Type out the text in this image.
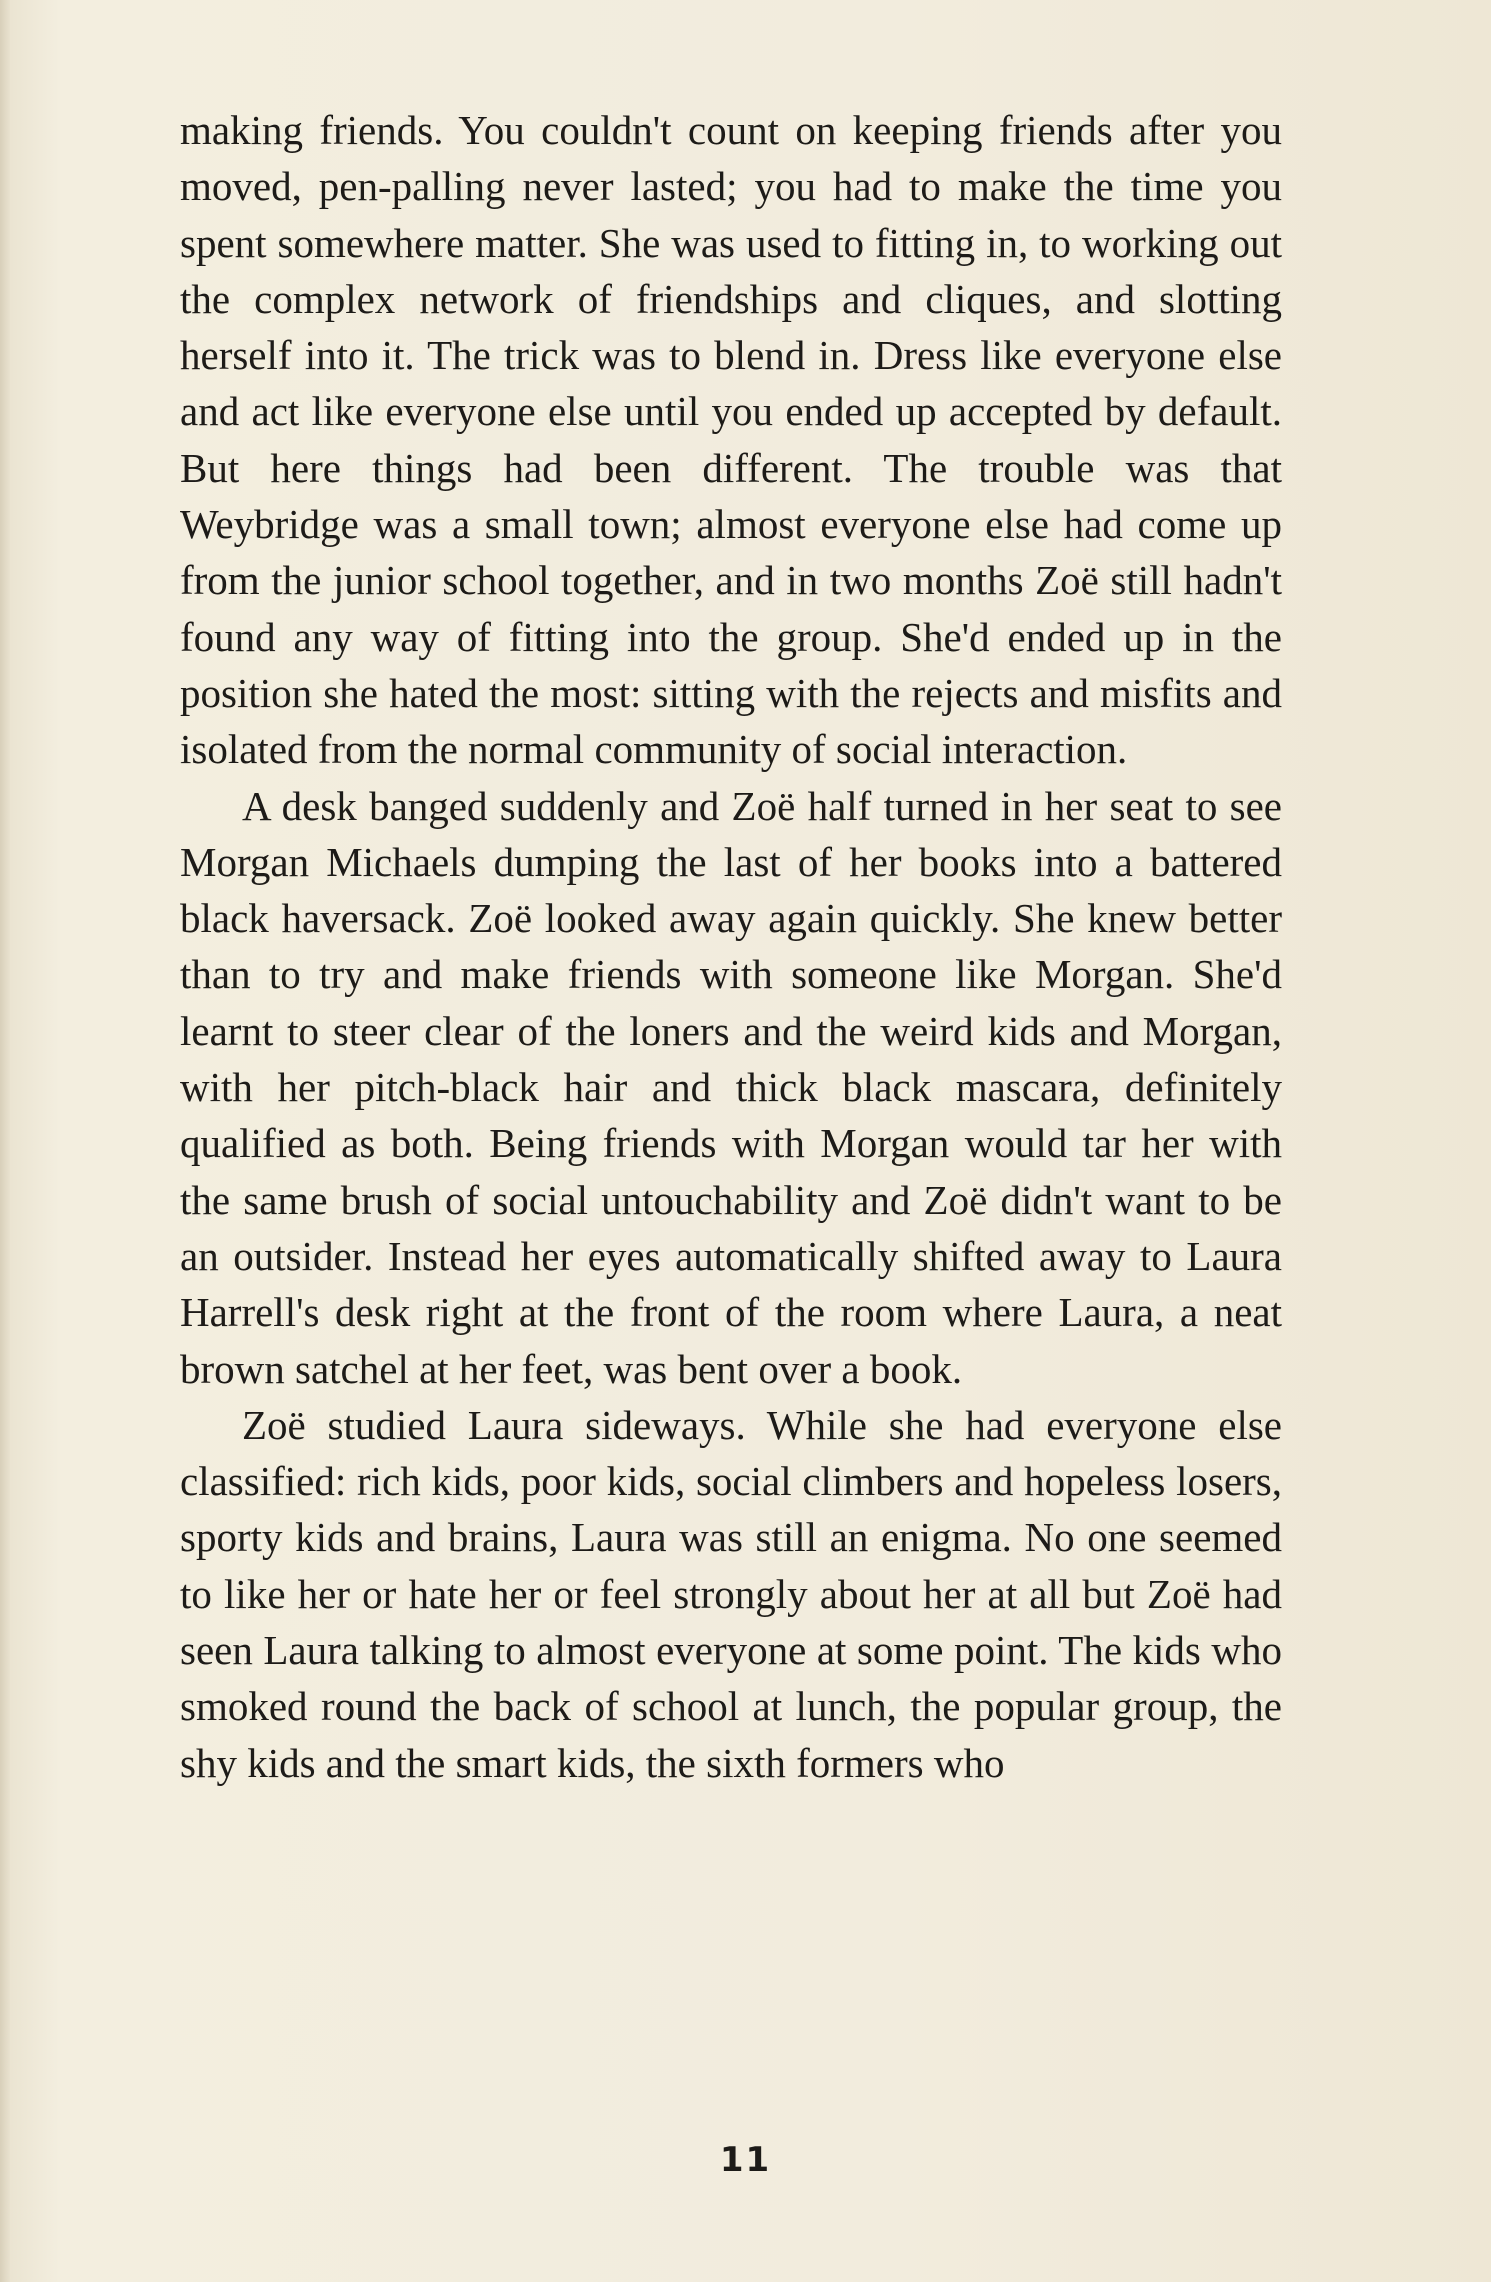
making friends. You couldn't count on keeping friends after you moved, pen-palling never lasted; you had to make the time you spent somewhere matter. She was used to fitting in, to working out the complex network of friendships and cliques, and slotting herself into it. The trick was to blend in. Dress like everyone else and act like everyone else until you ended up accepted by default. But here things had been different. The trouble was that Weybridge was a small town; almost everyone else had come up from the junior school together, and in two months Zoë still hadn't found any way of fitting into the group. She'd ended up in the position she hated the most: sitting with the rejects and misfits and isolated from the normal community of social interaction.

A desk banged suddenly and Zoë half turned in her seat to see Morgan Michaels dumping the last of her books into a battered black haversack. Zoë looked away again quickly. She knew better than to try and make friends with someone like Morgan. She'd learnt to steer clear of the loners and the weird kids and Morgan, with her pitch-black hair and thick black mascara, definitely qualified as both. Being friends with Morgan would tar her with the same brush of social untouchability and Zoë didn't want to be an outsider. Instead her eyes automatically shifted away to Laura Harrell's desk right at the front of the room where Laura, a neat brown satchel at her feet, was bent over a book.

Zoë studied Laura sideways. While she had everyone else classified: rich kids, poor kids, social climbers and hopeless losers, sporty kids and brains, Laura was still an enigma. No one seemed to like her or hate her or feel strongly about her at all but Zoë had seen Laura talking to almost everyone at some point. The kids who smoked round the back of school at lunch, the popular group, the shy kids and the smart kids, the sixth formers who

11
